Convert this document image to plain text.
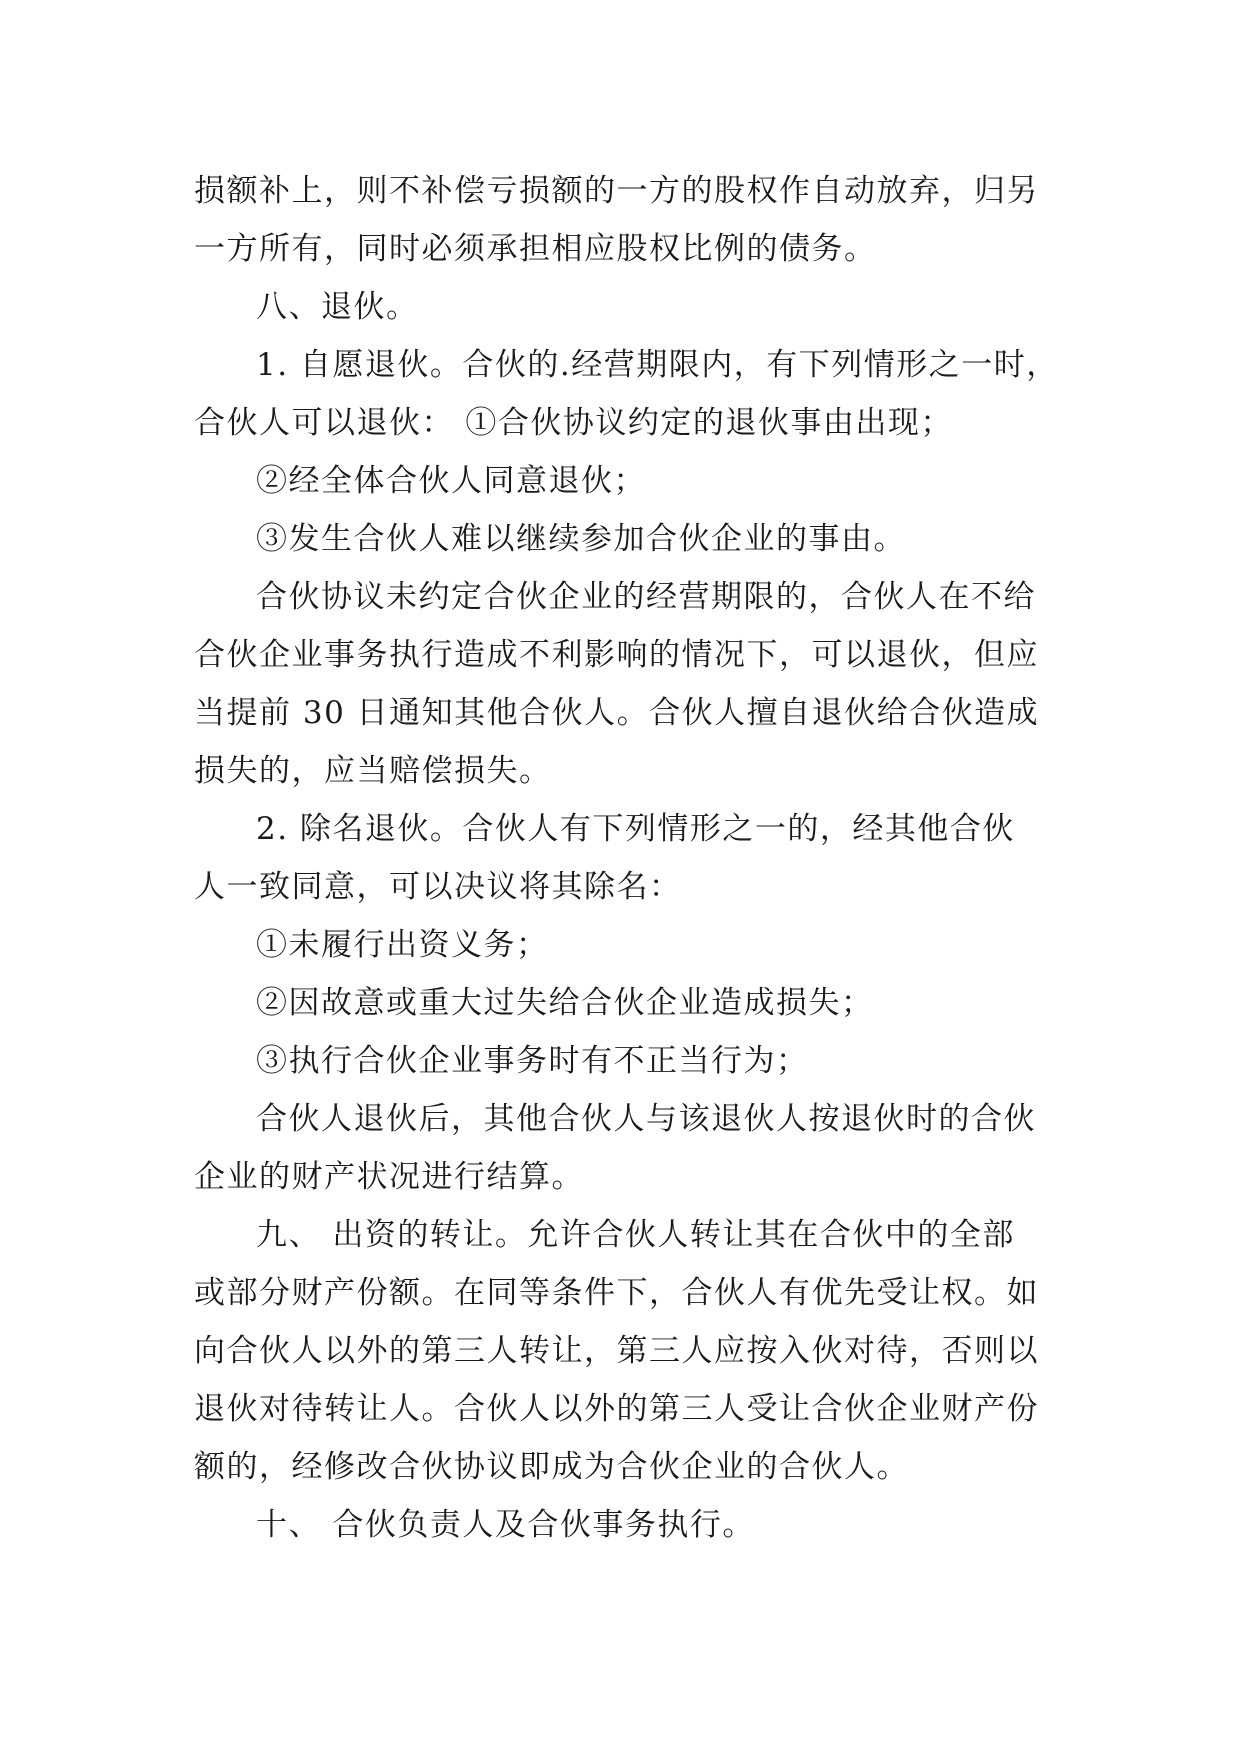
损额补上，则不补偿亏损额的一方的股权作自动放弃，归另
一方所有，同时必须承担相应股权比例的债务。
八、退伙。
1. 自愿退伙。合伙的.经营期限内，有下列情形之一时，
合伙人可以退伙： ①合伙协议约定的退伙事由出现；
②经全体合伙人同意退伙；
③发生合伙人难以继续参加合伙企业的事由。
合伙协议未约定合伙企业的经营期限的，合伙人在不给
合伙企业事务执行造成不利影响的情况下，可以退伙，但应
当提前 30 日通知其他合伙人。合伙人擅自退伙给合伙造成
损失的，应当赔偿损失。
2. 除名退伙。合伙人有下列情形之一的，经其他合伙
人一致同意，可以决议将其除名：
①未履行出资义务；
②因故意或重大过失给合伙企业造成损失；
③执行合伙企业事务时有不正当行为；
合伙人退伙后，其他合伙人与该退伙人按退伙时的合伙
企业的财产状况进行结算。
九、 出资的转让。允许合伙人转让其在合伙中的全部
或部分财产份额。在同等条件下，合伙人有优先受让权。如
向合伙人以外的第三人转让，第三人应按入伙对待，否则以
退伙对待转让人。合伙人以外的第三人受让合伙企业财产份
额的，经修改合伙协议即成为合伙企业的合伙人。
十、 合伙负责人及合伙事务执行。
